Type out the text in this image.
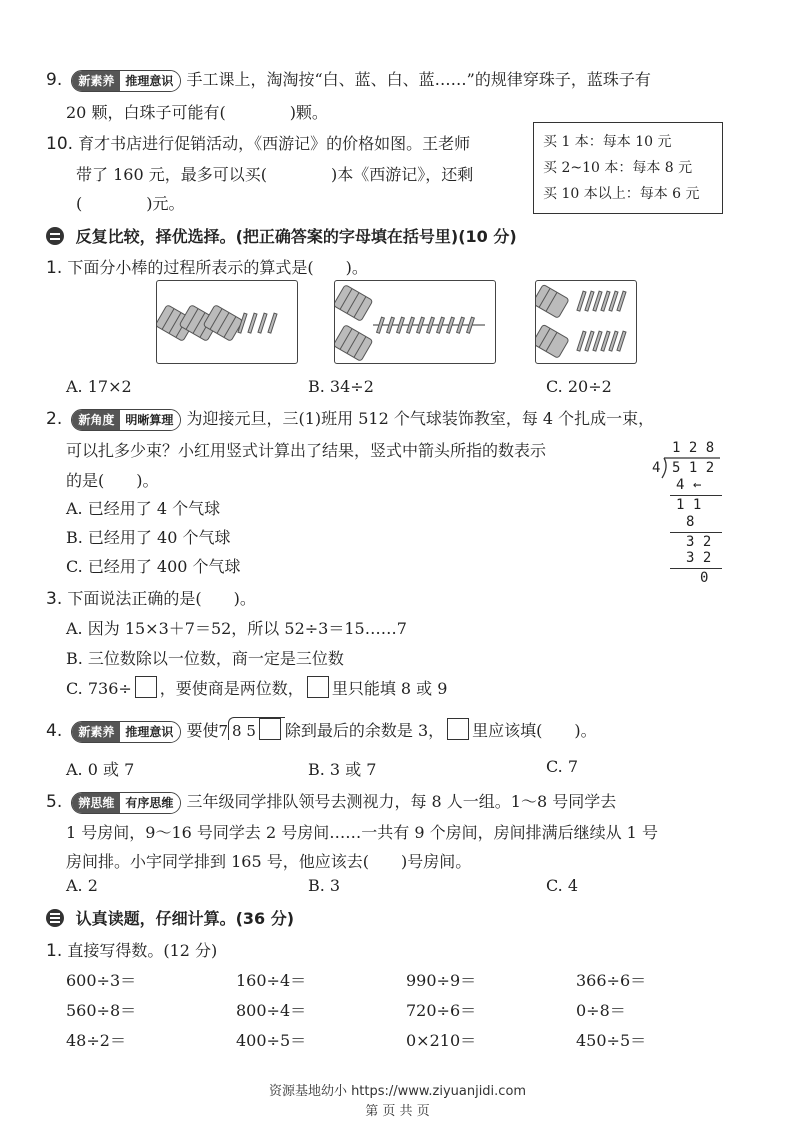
9.	新素养 推理意识 手工课上，淘淘按“白、蓝、白、蓝……”的规律穿珠子，蓝珠子有
20 颗，白珠子可能有(　　　　)颗。
10. 育才书店进行促销活动，《西游记》的价格如图。王老师
带了 160 元，最多可以买(　　　　)本《西游记》，还剩
(　　　　)元。
买 1 本：每本 10 元
买 2~10 本：每本 8 元
买 10 本以上：每本 6 元
反复比较，择优选择。(把正确答案的字母填在括号里)(10 分)
1. 下面分小棒的过程所表示的算式是(　　)。
A. 17×2	B. 34÷2	C. 20÷2
2.	新角度 明晰算理 为迎接元旦，三(1)班用 512 个气球装饰教室，每 4 个扎成一束，
可以扎多少束？小红用竖式计算出了结果，竖式中箭头所指的数表示
的是(　　)。
A. 已经用了 4 个气球
B. 已经用了 40 个气球
C. 已经用了 400 个气球
1 2 8
4 5 1 2
4 ←
1 1
8
3 2
3 2
0
3. 下面说法正确的是(　　)。
A. 因为 15×3＋7＝52，所以 52÷3＝15……7
B. 三位数除以一位数，商一定是三位数
C. 736÷ ，要使商是两位数， 里只能填 8 或 9
4.	新素养 推理意识 要使7 8 5 除到最后的余数是 3， 里应该填(　　)。
A. 0 或 7	B. 3 或 7	C. 7
5.	辨思维 有序思维 三年级同学排队领号去测视力，每 8 人一组。1～8 号同学去
1 号房间，9～16 号同学去 2 号房间……一共有 9 个房间，房间排满后继续从 1 号
房间排。小宇同学排到 165 号，他应该去(　　)号房间。
A. 2	B. 3	C. 4
认真读题，仔细计算。(36 分)
1. 直接写得数。(12 分)
600÷3＝	160÷4＝	990÷9＝	366÷6＝
560÷8＝	800÷4＝	720÷6＝	0÷8＝
48÷2＝	400÷5＝	0×210＝	450÷5＝
资源基地幼小 https://www.ziyuanjidi.com
第 页 共 页
